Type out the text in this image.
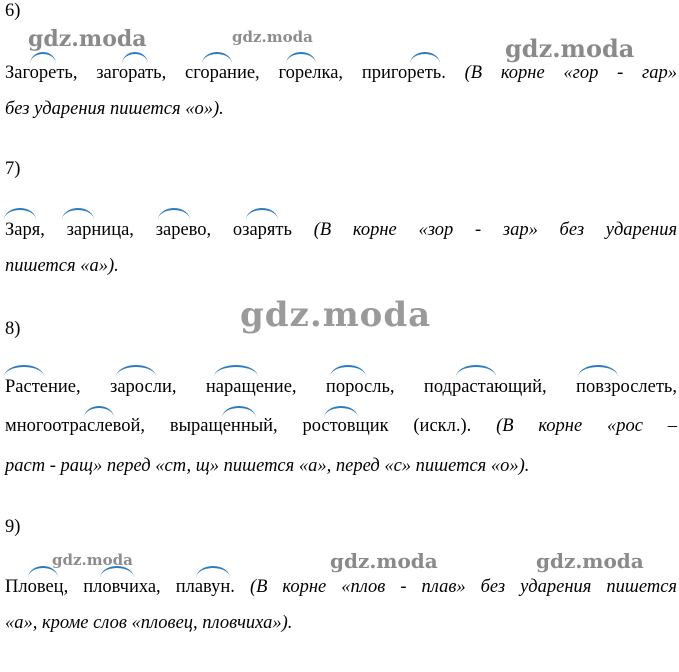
gdz.moda	gdz.moda	gdz.moda
gdz.moda
gdz.moda	gdz.moda	gdz.moda
6)
Загореть, загорать, сгорание, горелка, пригореть. (В корне «гор - гар»
без ударения пишется «о»).
7)
Заря, зарница, зарево, озарять (В корне «зор - зар» без ударения
пишется «а»).
8)
Растение, заросли, наращение, поросль, подрастающий, повзрослеть,
многоотраслевой, выращенный, ростовщик (искл.). (В корне «рос –
раст - ращ» перед «ст, щ» пишется «а», перед «с» пишется «о»).
9)
Пловец, пловчиха, плавун. (В корне «плов - плав» без ударения пишется
«а», кроме слов «пловец, пловчиха»).
